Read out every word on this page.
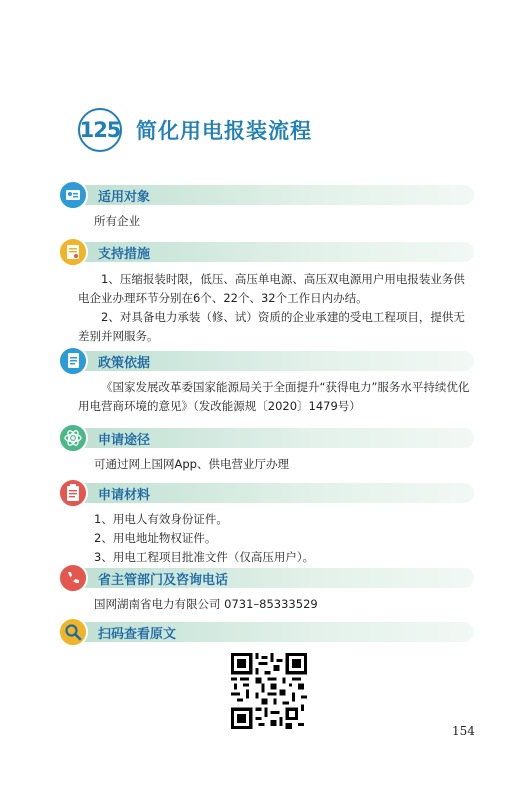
125 简化用电报装流程
适用对象
所有企业
支持措施
1、压缩报装时限，低压、高压单电源、高压双电源用户用电报装业务供电企业办理环节分别在6个、22个、32个工作日内办结。
2、对具备电力承装（修、试）资质的企业承建的受电工程项目，提供无差别并网服务。
政策依据
《国家发展改革委国家能源局关于全面提升“获得电力”服务水平持续优化用电营商环境的意见》（发改能源规〔2020〕1479号）
申请途径
可通过网上国网App、供电营业厅办理
申请材料
1、用电人有效身份证件。
2、用电地址物权证件。
3、用电工程项目批准文件（仅高压用户）。
省主管部门及咨询电话
国网湖南省电力有限公司 0731–85333529
扫码查看原文
154
